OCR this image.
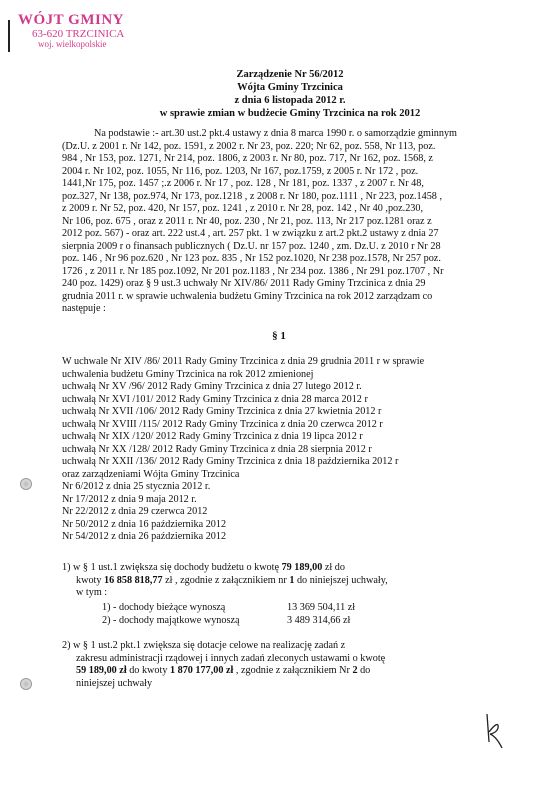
WÓJT GMINY
63-620 TRZCINICA
woj. wielkopolskie
Zarządzenie Nr 56/2012
Wójta Gminy Trzcinica
z dnia 6 listopada 2012 r.
w sprawie zmian w budżecie Gminy Trzcinica na rok 2012
Na podstawie :- art.30 ust.2 pkt.4 ustawy z dnia 8 marca 1990 r. o samorządzie gminnym
(Dz.U. z 2001 r. Nr 142, poz. 1591, z 2002 r. Nr 23, poz. 220; Nr 62, poz. 558, Nr 113, poz.
984 , Nr 153, poz. 1271, Nr 214, poz. 1806, z 2003 r. Nr 80, poz. 717, Nr 162, poz. 1568, z
2004 r. Nr 102, poz. 1055, Nr 116, poz. 1203, Nr 167, poz.1759, z 2005 r. Nr 172 , poz.
1441,Nr 175, poz. 1457 ;.z 2006 r. Nr 17 , poz. 128 , Nr 181, poz. 1337 , z 2007 r. Nr 48,
poz.327, Nr 138, poz.974, Nr 173, poz.1218 , z 2008 r. Nr 180, poz.1111 , Nr 223, poz.1458 ,
z 2009 r. Nr 52, poz. 420, Nr 157, poz. 1241 , z 2010 r. Nr 28, poz. 142 , Nr 40 ,poz.230,
Nr 106, poz. 675 , oraz z 2011 r. Nr 40, poz. 230 , Nr 21, poz. 113, Nr 217 poz.1281 oraz z
2012 poz. 567) - oraz art. 222 ust.4 , art. 257 pkt. 1 w związku z art.2 pkt.2 ustawy z dnia 27
sierpnia 2009 r o finansach publicznych ( Dz.U. nr 157 poz. 1240 , zm. Dz.U. z 2010 r Nr 28
poz. 146 , Nr 96 poz.620 , Nr 123 poz. 835 , Nr 152 poz.1020, Nr 238 poz.1578, Nr 257 poz.
1726 , z 2011 r. Nr 185 poz.1092, Nr 201 poz.1183 , Nr 234 poz. 1386 , Nr 291 poz.1707 , Nr
240 poz. 1429) oraz § 9 ust.3 uchwały Nr XIV/86/ 2011 Rady Gminy Trzcinica z dnia 29
grudnia 2011 r. w sprawie uchwalenia budżetu Gminy Trzcinica na rok 2012 zarządzam co
następuje :
§ 1
W uchwale Nr XIV /86/ 2011 Rady Gminy Trzcinica z dnia 29 grudnia 2011 r w sprawie
uchwalenia budżetu Gminy Trzcinica na rok 2012 zmienionej
uchwałą Nr XV /96/ 2012 Rady Gminy Trzcinica z dnia 27 lutego 2012 r.
uchwałą Nr XVI /101/ 2012 Rady Gminy Trzcinica z dnia 28 marca 2012 r
uchwałą Nr XVII /106/ 2012 Rady Gminy Trzcinica z dnia 27 kwietnia 2012 r
uchwałą Nr XVIII /115/ 2012 Rady Gminy Trzcinica z dnia 20 czerwca 2012 r
uchwałą Nr XIX /120/ 2012 Rady Gminy Trzcinica z dnia 19 lipca 2012 r
uchwałą Nr XX /128/ 2012 Rady Gminy Trzcinica z dnia 28 sierpnia 2012 r
uchwałą Nr XXII /136/ 2012 Rady Gminy Trzcinica z dnia 18 października 2012 r
oraz zarządzeniami Wójta Gminy Trzcinica
Nr 6/2012 z dnia 25 stycznia 2012 r.
Nr 17/2012 z dnia 9 maja 2012 r.
Nr 22/2012 z dnia 29 czerwca 2012
Nr 50/2012 z dnia 16 października 2012
Nr 54/2012 z dnia 26 października 2012
1) w § 1 ust.1 zwiększa się dochody budżetu o kwotę 79 189,00 zł do
kwoty 16 858 818,77 zł , zgodnie z załącznikiem nr 1 do niniejszej uchwały,
w tym :
1) - dochody bieżące wynoszą	13 369 504,11 zł
2) - dochody majątkowe wynoszą	3 489 314,66 zł
2) w § 1 ust.2 pkt.1 zwiększa się dotacje celowe na realizację zadań z
zakresu administracji rządowej i innych zadań zleconych ustawami o kwotę
59 189,00 zł do kwoty 1 870 177,00 zł , zgodnie z załącznikiem Nr 2 do
niniejszej uchwały
